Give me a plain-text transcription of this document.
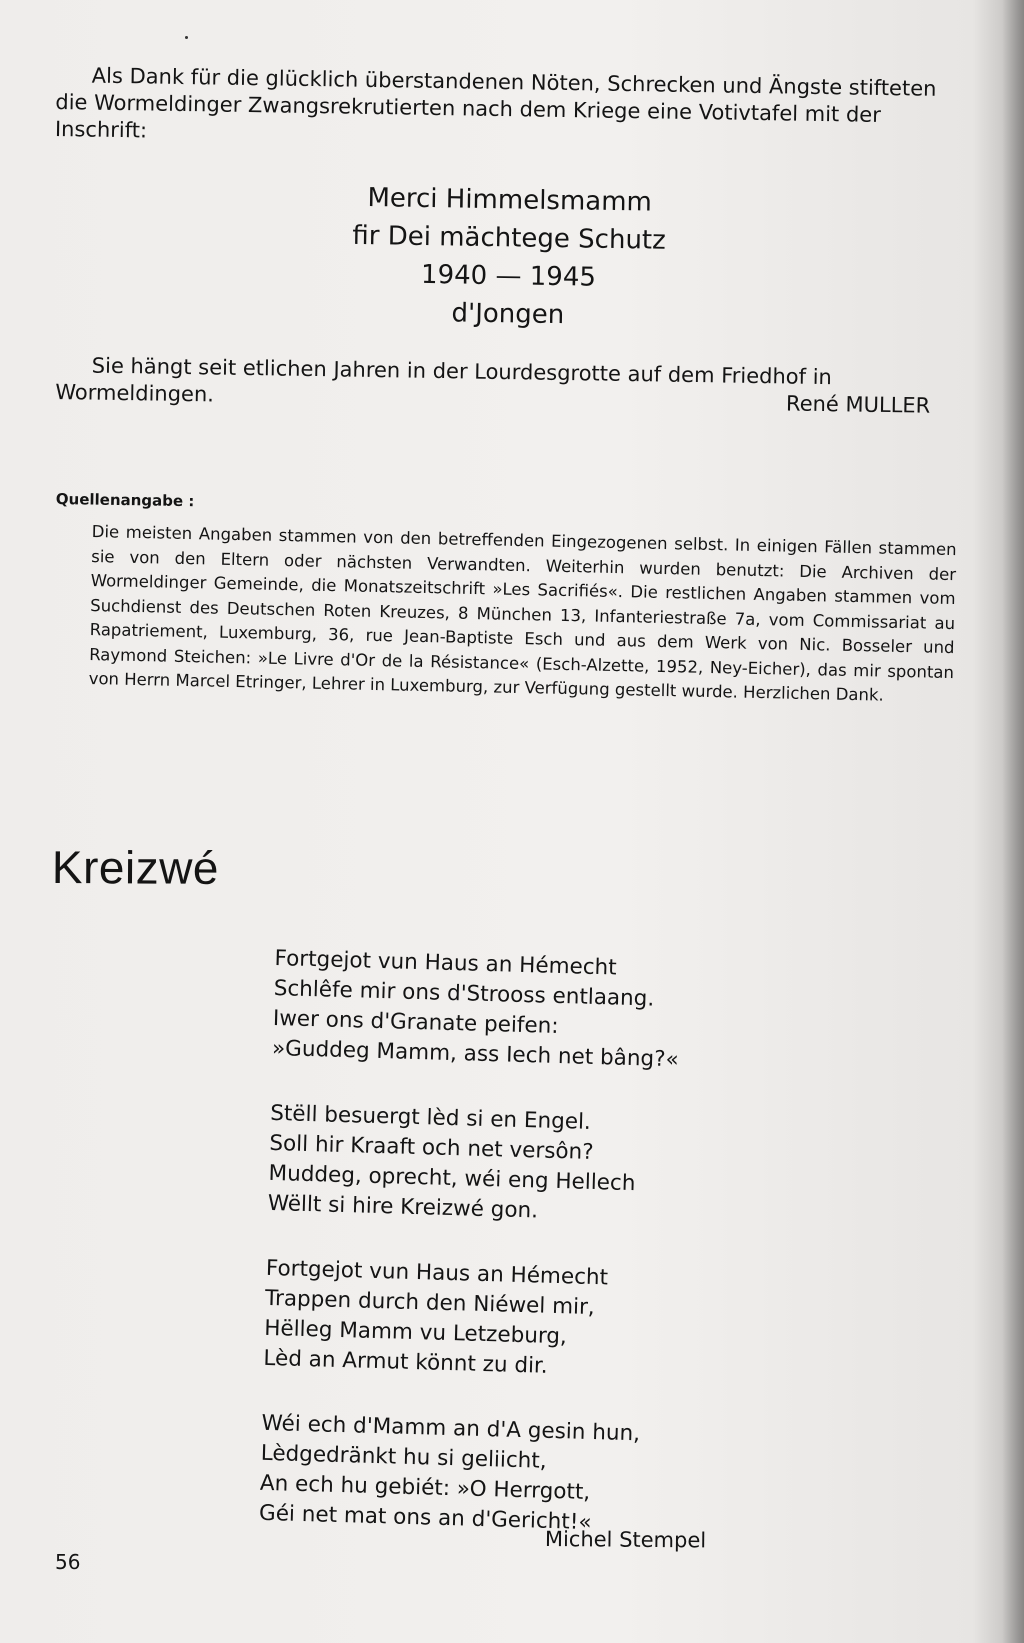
Als Dank für die glücklich überstandenen Nöten, Schrecken und Ängste stifteten die Wormeldinger Zwangsrekrutierten nach dem Kriege eine Votivtafel mit der Inschrift:

Merci Himmelsmamm
fir Dei mächtege Schutz
1940 — 1945
d'Jongen

Sie hängt seit etlichen Jahren in der Lourdesgrotte auf dem Friedhof in

Wormeldingen.	René MULLER
Quellenangabe :
Die meisten Angaben stammen von den betreffenden Eingezogenen selbst. In einigen Fällen stammen sie von den Eltern oder nächsten Verwandten. Weiterhin wurden benutzt: Die Archiven der Wormeldinger Gemeinde, die Monatszeitschrift »Les Sacrifiés«. Die restlichen Angaben stammen vom Suchdienst des Deutschen Roten Kreuzes, 8 München 13, Infanteriestraße 7a, vom Commissariat au Rapatriement, Luxemburg, 36, rue Jean-Baptiste Esch und aus dem Werk von Nic. Bosseler und Raymond Steichen: »Le Livre d'Or de la Résistance« (Esch-Alzette, 1952, Ney-Eicher), das mir spontan von Herrn Marcel Etringer, Lehrer in Luxemburg, zur Verfügung gestellt wurde. Herzlichen Dank.
Kreizwé
Fortgejot vun Haus an Hémecht
Schlêfe mir ons d'Strooss entlaang.
Iwer ons d'Granate peifen:
»Guddeg Mamm, ass Iech net bâng?«
Stëll besuergt lèd si en Engel.
Soll hir Kraaft och net versôn?
Muddeg, oprecht, wéi eng Hellech
Wëllt si hire Kreizwé gon.
Fortgejot vun Haus an Hémecht
Trappen durch den Niéwel mir,
Hëlleg Mamm vu Letzeburg,
Lèd an Armut könnt zu dir.
Wéi ech d'Mamm an d'A gesin hun,
Lèdgedränkt hu si geliicht,
An ech hu gebiét: »O Herrgott,
Géi net mat ons an d'Gericht!«
Michel Stempel
56
